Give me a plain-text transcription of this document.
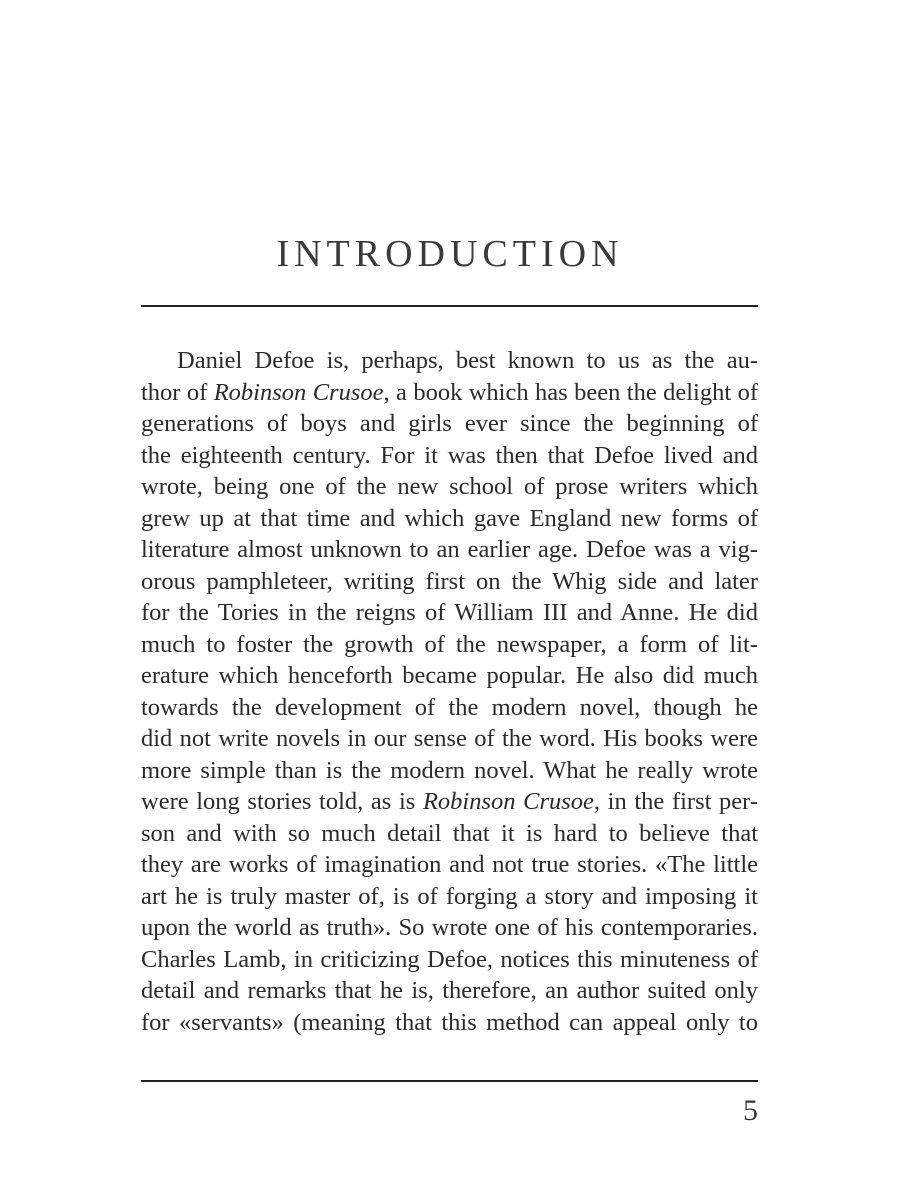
INTRODUCTION
Daniel Defoe is, perhaps, best known to us as the au-
thor of Robinson Crusoe, a book which has been the delight of
generations of boys and girls ever since the beginning of
the eighteenth century. For it was then that Defoe lived and
wrote, being one of the new school of prose writers which
grew up at that time and which gave England new forms of
literature almost unknown to an earlier age. Defoe was a vig-
orous pamphleteer, writing first on the Whig side and later
for the Tories in the reigns of William III and Anne. He did
much to foster the growth of the newspaper, a form of lit-
erature which henceforth became popular. He also did much
towards the development of the modern novel, though he
did not write novels in our sense of the word. His books were
more simple than is the modern novel. What he really wrote
were long stories told, as is Robinson Crusoe, in the first per-
son and with so much detail that it is hard to believe that
they are works of imagination and not true stories. «The little
art he is truly master of, is of forging a story and imposing it
upon the world as truth». So wrote one of his contemporaries.
Charles Lamb, in criticizing Defoe, notices this minuteness of
detail and remarks that he is, therefore, an author suited only
for «servants» (meaning that this method can appeal only to
5
